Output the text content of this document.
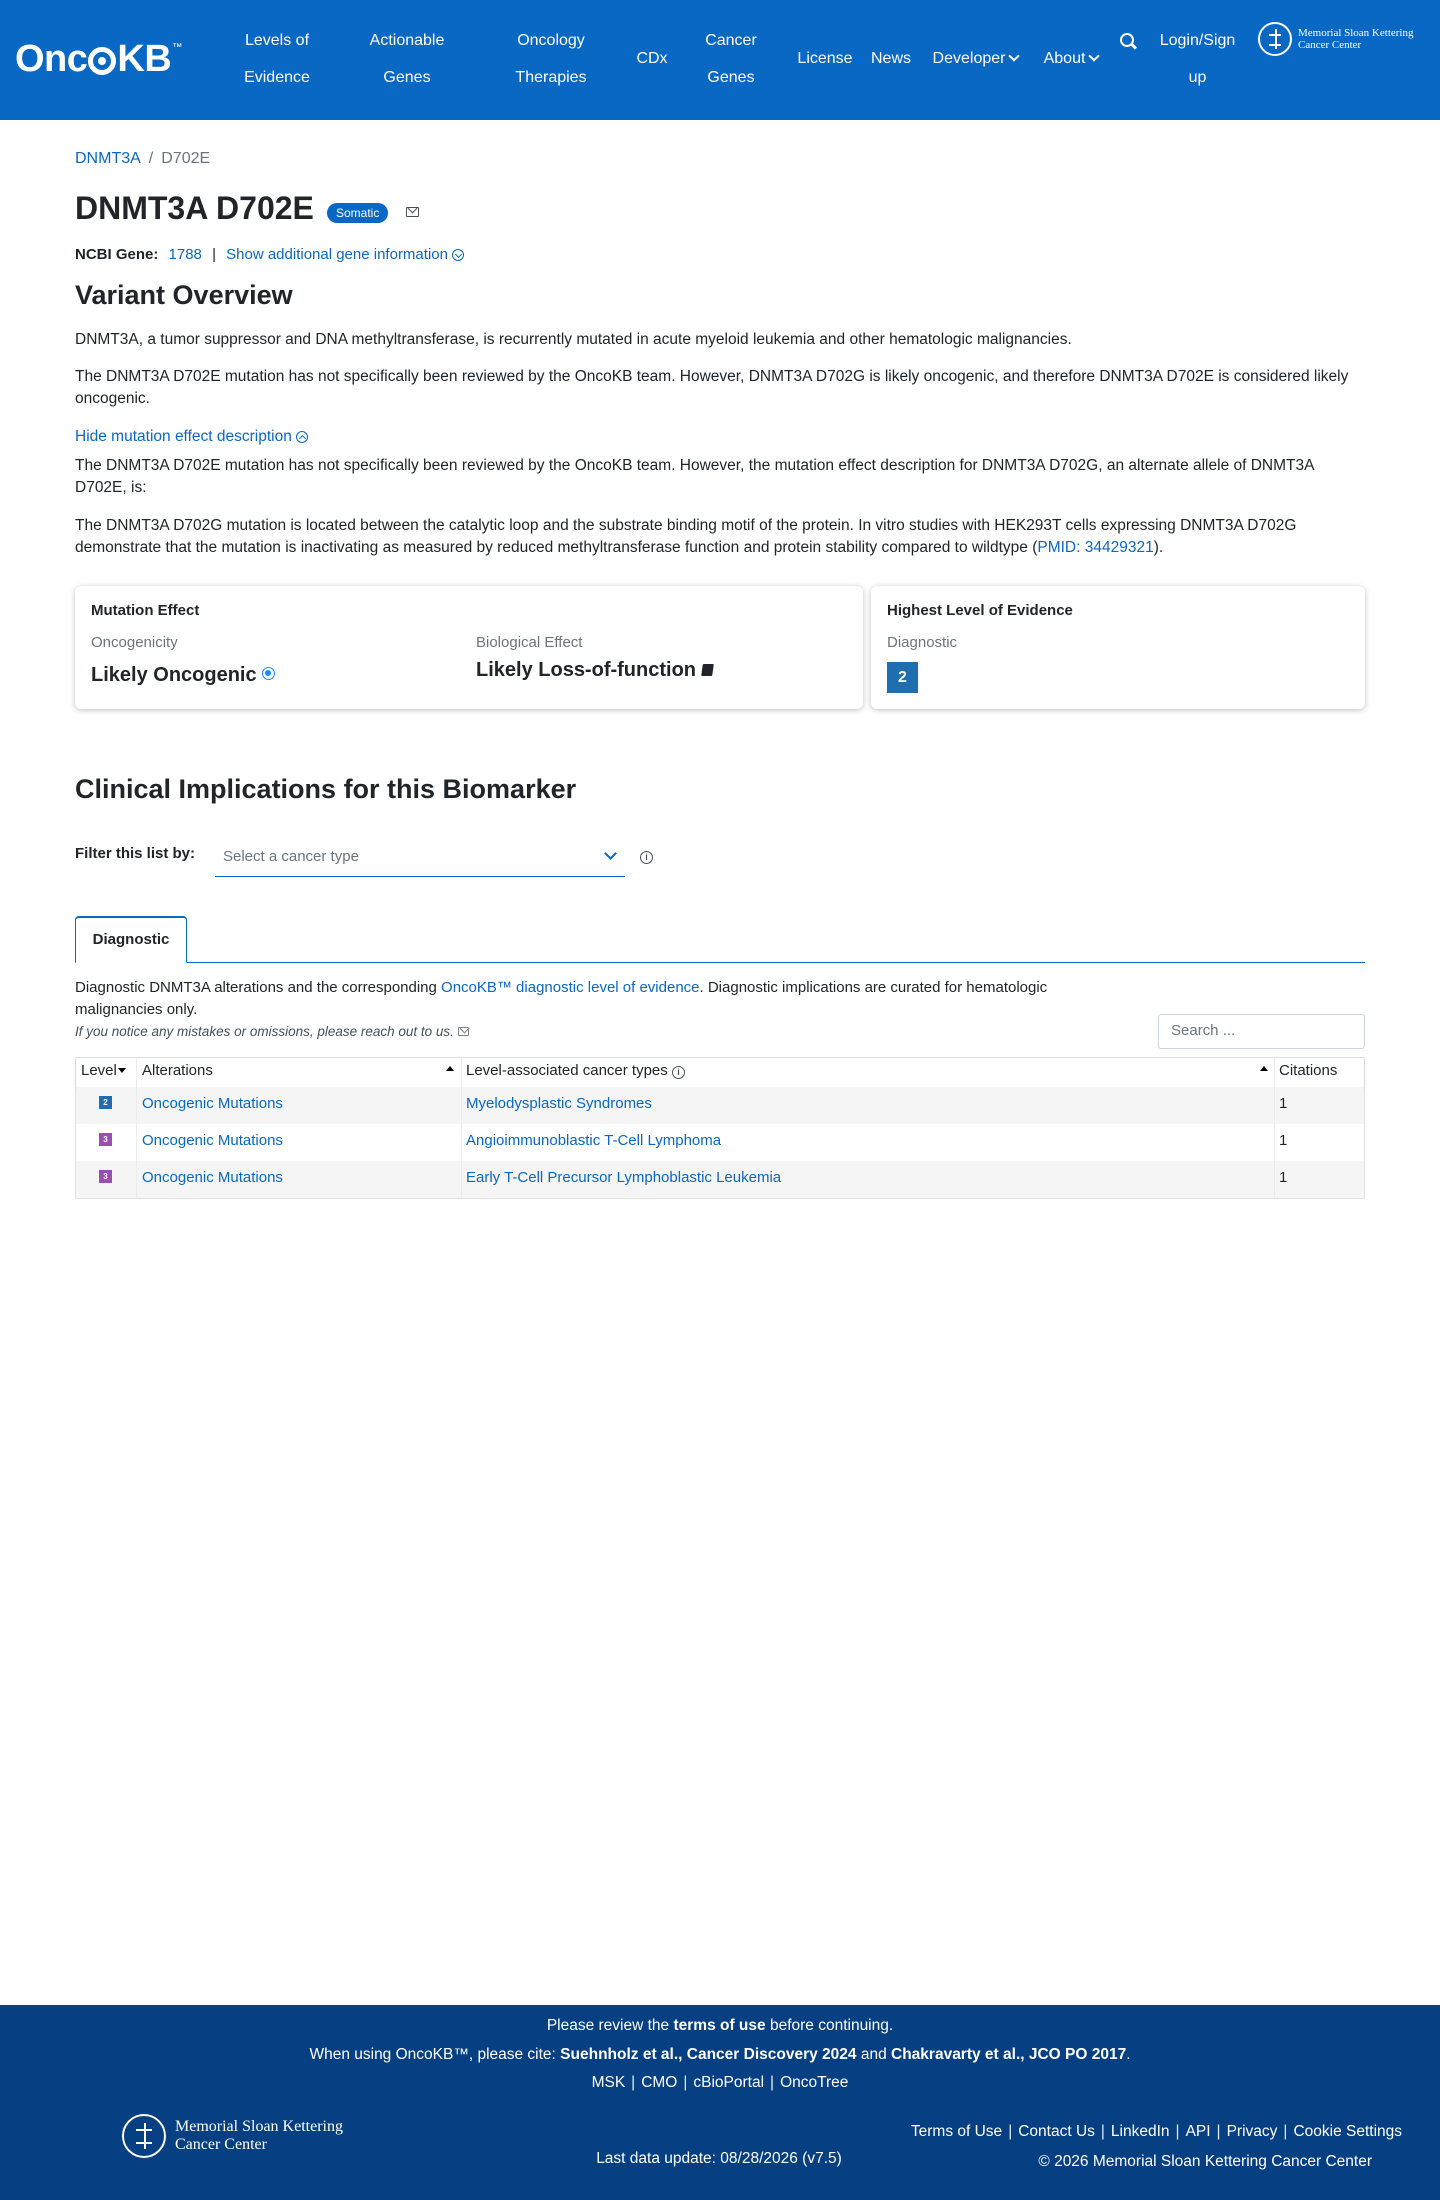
Onc KB™	Levels of
Evidence
Actionable
Genes
Oncology
Therapies
CDx
Cancer
Genes
License	News	Developer	About
Login/Sign
up
Memorial Sloan Kettering
Cancer Center
DNMT3A / D702E
DNMT3A D702E	Somatic
NCBI Gene: 1788 | Show additional gene information
Variant Overview
DNMT3A, a tumor suppressor and DNA methyltransferase, is recurrently mutated in acute myeloid leukemia and other hematologic malignancies.
The DNMT3A D702E mutation has not specifically been reviewed by the OncoKB team. However, DNMT3A D702G is likely oncogenic, and therefore DNMT3A D702E is considered likely oncogenic.
Hide mutation effect description
The DNMT3A D702E mutation has not specifically been reviewed by the OncoKB team. However, the mutation effect description for DNMT3A D702G, an alternate allele of DNMT3A D702E, is:
The DNMT3A D702G mutation is located between the catalytic loop and the substrate binding motif of the protein. In vitro studies with HEK293T cells expressing DNMT3A D702G demonstrate that the mutation is inactivating as measured by reduced methyltransferase function and protein stability compared to wildtype (PMID: 34429321).
Mutation Effect
Oncogenicity
Likely Oncogenic
Biological Effect
Likely Loss-of-function
Highest Level of Evidence
Diagnostic
2
Clinical Implications for this Biomarker
Filter this list by:	Select a cancer type	i
Diagnostic
Diagnostic DNMT3A alterations and the corresponding OncoKB™ diagnostic level of evidence. Diagnostic implications are curated for hematologic malignancies only.
If you notice any mistakes or omissions, please reach out to us.	Search ...
Level	Alterations	Level-associated cancer types i	Citations
2 Oncogenic Mutations	Myelodysplastic Syndromes	1
3 Oncogenic Mutations	Angioimmunoblastic T-Cell Lymphoma	1
3 Oncogenic Mutations	Early T-Cell Precursor Lymphoblastic Leukemia	1
Please review the terms of use before continuing.
When using OncoKB™, please cite: Suehnholz et al., Cancer Discovery 2024 and Chakravarty et al., JCO PO 2017.
MSK | CMO | cBioPortal | OncoTree
Memorial Sloan Kettering
Cancer Center
Last data update: 08/28/2026 (v7.5)
Terms of Use | Contact Us | LinkedIn | API | Privacy | Cookie Settings
© 2026 Memorial Sloan Kettering Cancer Center
